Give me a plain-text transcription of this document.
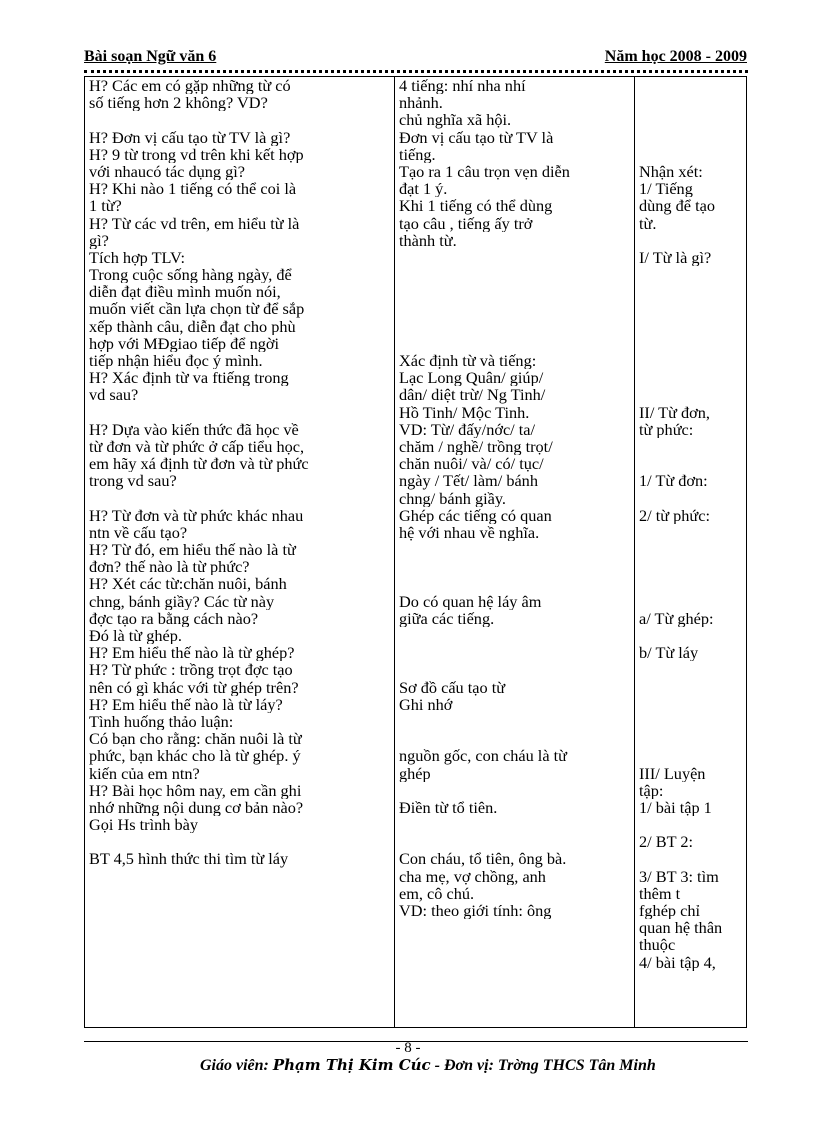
Bài soạn Ngữ văn 6	Năm học 2008 - 2009
H? Các em có gặp những từ có
số tiếng hơn 2 không? VD?
H? Đơn vị cấu tạo từ TV là gì?
H? 9 từ trong vd trên khi kết hợp
với nhaucó tác dụng gì?
H? Khi nào 1 tiếng có thể coi là
1 từ?
H? Từ các vd trên, em hiểu từ là
gì?
Tích hợp TLV:
Trong cuộc sống hàng ngày, để
diễn đạt điều mình muốn nói,
muốn viết cần lựa chọn từ để sắp
xếp thành câu, diễn đạt cho phù
hợp với MĐgiao tiếp để ngời
tiếp nhận hiểu đọc ý mình.
H? Xác định từ va ftiếng trong
vd sau?
H? Dựa vào kiến thức đã học về
từ đơn và từ phức ở cấp tiểu học,
em hãy xá định từ đơn và từ phức
trong vd sau?
H? Từ đơn và từ phức khác nhau
ntn về cấu tạo?
H? Từ đó, em hiểu thế nào là từ
đơn? thế nào là từ phức?
H? Xét các từ:chăn nuôi, bánh
chng, bánh giầy? Các từ này
đợc tạo ra bằng cách nào?
Đó là từ ghép.
H? Em hiểu thế nào là từ ghép?
H? Từ phức : trồng trọt đợc tạo
nên có gì khác với từ ghép trên?
H? Em hiểu thế nào là từ láy?
Tình huống thảo luận:
Có bạn cho rằng: chăn nuôi là từ
phức, bạn khác cho là từ ghép. ý
kiến của em ntn?
H? Bài học hôm nay, em cần ghi
nhớ những nội dung cơ bản nào?
Gọi Hs trình bày
BT 4,5 hình thức thi tìm từ láy
4 tiếng: nhí nha nhí
nhảnh.
chủ nghĩa xã hội.
Đơn vị cấu tạo từ TV là
tiếng.
Tạo ra 1 câu trọn vẹn diễn
đạt 1 ý.
Khi 1 tiếng có thể dùng
tạo câu , tiếng ấy trở
thành từ.
Xác định từ và tiếng:
Lạc Long Quân/ giúp/
dân/ diệt trừ/ Ng Tinh/
Hồ Tinh/ Mộc Tinh.
VD: Từ/ đấy/nớc/ ta/
chăm / nghề/ trồng trọt/
chăn nuôi/ và/ có/ tục/
ngày / Tết/ làm/ bánh
chng/ bánh giầy.
Ghép các tiếng có quan
hệ với nhau về nghĩa.
Do có quan hệ láy âm
giữa các tiếng.
Sơ đồ cấu tạo từ
Ghi nhớ
nguồn gốc, con cháu là từ
ghép
Điền từ tổ tiên.
Con cháu, tổ tiên, ông bà.
cha mẹ, vợ chồng, anh
em, cô chú.
VD: theo giới tính: ông
Nhận xét:
1/ Tiếng
dùng để tạo
từ.
I/ Từ là gì?
II/ Từ đơn,
từ phức:
1/ Từ đơn:
2/ từ phức:
a/ Từ ghép:
b/ Từ láy
III/ Luyện
tập:
1/ bài tập 1
2/ BT 2:
3/ BT 3: tìm
thêm t
fghép chỉ
quan hệ thân
thuộc
4/ bài tập 4,
- 8 -
Giáo viên: Phạm Thị Kim Cúc - Đơn vị: Trờng THCS Tân Minh
